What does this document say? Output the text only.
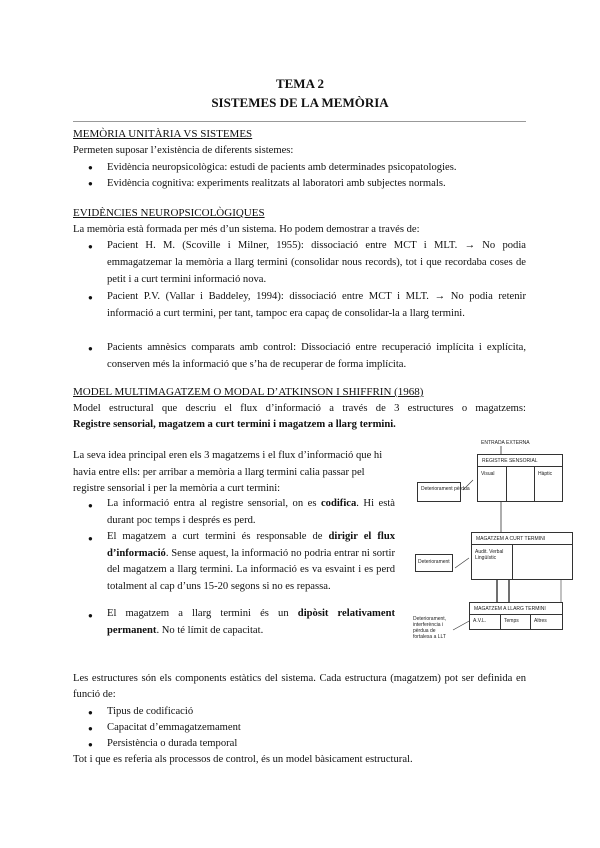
TEMA 2
SISTEMES DE LA MEMÒRIA
MEMÒRIA UNITÀRIA VS SISTEMES
Permeten suposar l’existència de diferents sistemes:
●	Evidència neuropsicològica: estudi de pacients amb determinades psicopatologies.
●	Evidència cognitiva: experiments realitzats al laboratori amb subjectes normals.
EVIDÈNCIES NEUROPSICOLÒGIQUES
La memòria està formada per més d’un sistema. Ho podem demostrar a través de:
●	Pacient H. M. (Scoville i Milner, 1955): dissociació entre MCT i MLT. → No podia emmagatzemar la memòria a llarg termini (consolidar nous records), tot i que recordaba coses de petit i a curt termini informació nova.
●	Pacient P.V. (Vallar i Baddeley, 1994): dissociació entre MCT i MLT. → No podia retenir informació a curt termini, per tant, tampoc era capaç de consolidar-la a llarg termini.
●	Pacients amnèsics comparats amb control: Dissociació entre recuperació implícita i explícita, conserven més la informació que s’ha de recuperar de forma implícita.
MODEL MULTIMAGATZEM O MODAL D’ATKINSON I SHIFFRIN (1968)
Model estructural que descriu el flux d’informació a través de 3 estructures o magatzems:
Registre sensorial, magatzem a curt termini i magatzem a llarg termini.
La seva idea principal eren els 3 magatzems i el flux d’informació que hi havia entre ells: per arribar a memòria a llarg termini calia passar pel registre sensorial i per la memòria a curt termini:
●	La informació entra al registre sensorial, on es codifica. Hi està durant poc temps i després es perd.
●	El magatzem a curt termini és responsable de dirigir el flux d’informació. Sense aquest, la informació no podria entrar ni sortir del magatzem a llarg termini. La informació es va esvaint i es perd totalment al cap d’uns 15-20 segons si no es repassa.
●	El magatzem a llarg termini és un dipòsit relativament permanent. No té límit de capacitat.
ENTRADA EXTERNA
REGISTRE SENSORIAL
Visual	Hàptic
Deteriorament pèrdua
MAGATZEM A CURT TERMINI
Audit. Verbal Lingüístic
Deteriorament
MAGATZEM A LLARG TERMINI
A.V.L.	Temps	Altres
Deteriorament, interferència i pèrdua de fortalesa a LLT
Les estructures són els components estàtics del sistema. Cada estructura (magatzem) pot ser definida en funció de:
●	Tipus de codificació
●	Capacitat d’emmagatzemament
●	Persistència o durada temporal
Tot i que es referia als processos de control, és un model bàsicament estructural.
